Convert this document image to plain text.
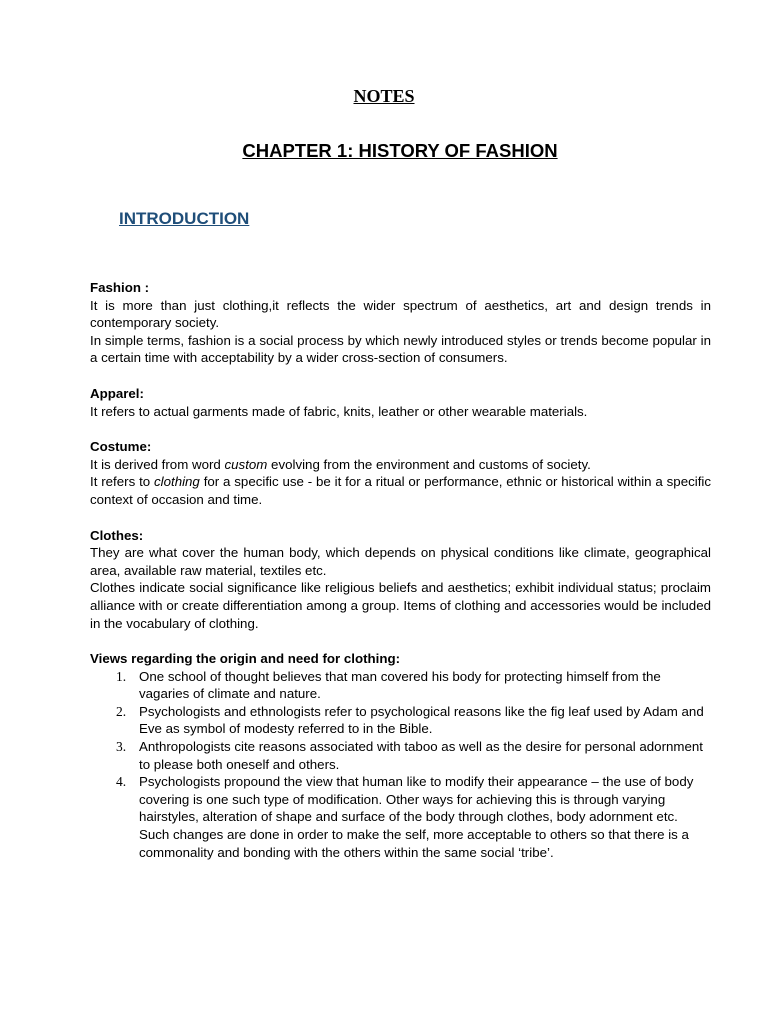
NOTES
CHAPTER 1: HISTORY OF FASHION
INTRODUCTION

Fashion :

It is more than just clothing,it reflects the wider spectrum of aesthetics, art and design trends in contemporary society.

In simple terms, fashion is a social process by which newly introduced styles or trends become popular in a certain time with acceptability by a wider cross-section of consumers.

Apparel:

It refers to actual garments made of fabric, knits, leather or other wearable materials.

Costume:

It is derived from word custom evolving from the environment and customs of society.

It refers to clothing for a specific use - be it for a ritual or performance, ethnic or historical within a specific context of occasion and time.

Clothes:

They are what cover the human body, which depends on physical conditions like climate, geographical area, available raw material, textiles etc.

Clothes indicate social significance like religious beliefs and aesthetics; exhibit individual status; proclaim alliance with or create differentiation among a group. Items of clothing and accessories would be included in the vocabulary of clothing.

Views regarding the origin and need for clothing:

1. One school of thought believes that man covered his body for protecting himself from the vagaries of climate and nature.
2. Psychologists and ethnologists refer to psychological reasons like the fig leaf used by Adam and Eve as symbol of modesty referred to in the Bible.
3. Anthropologists cite reasons associated with taboo as well as the desire for personal adornment to please both oneself and others.
4. Psychologists propound the view that human like to modify their appearance – the use of body covering is one such type of modification. Other ways for achieving this is through varying hairstyles, alteration of shape and surface of the body through clothes, body adornment etc. Such changes are done in order to make the self, more acceptable to others so that there is a commonality and bonding with the others within the same social ‘tribe’.
